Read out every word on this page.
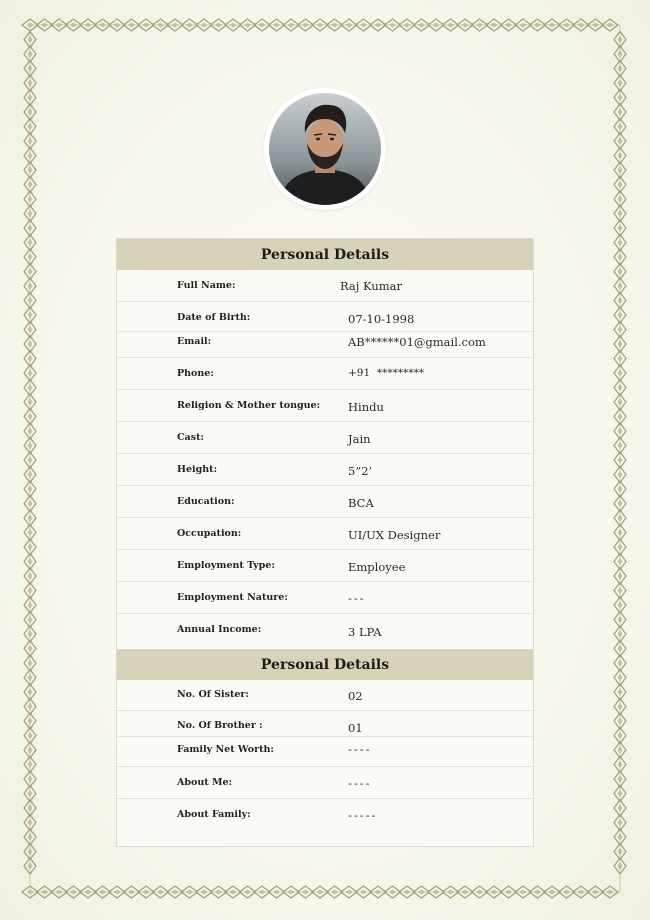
Personal Details
Full Name:	Raj Kumar
Date of Birth:	07-10-1998
Email:	AB******01@gmail.com
Phone:	+91  *********
Religion & Mother tongue: Hindu
Cast:	Jain
Height:	5”2’
Education:	BCA
Occupation:	UI/UX Designer
Employment Type:	Employee
Employment Nature:	---
Annual Income:	3 LPA
Personal Details
No. Of Sister:	02
No. Of Brother :	01
Family Net Worth:	----
About Me:	----
About Family:	-----
